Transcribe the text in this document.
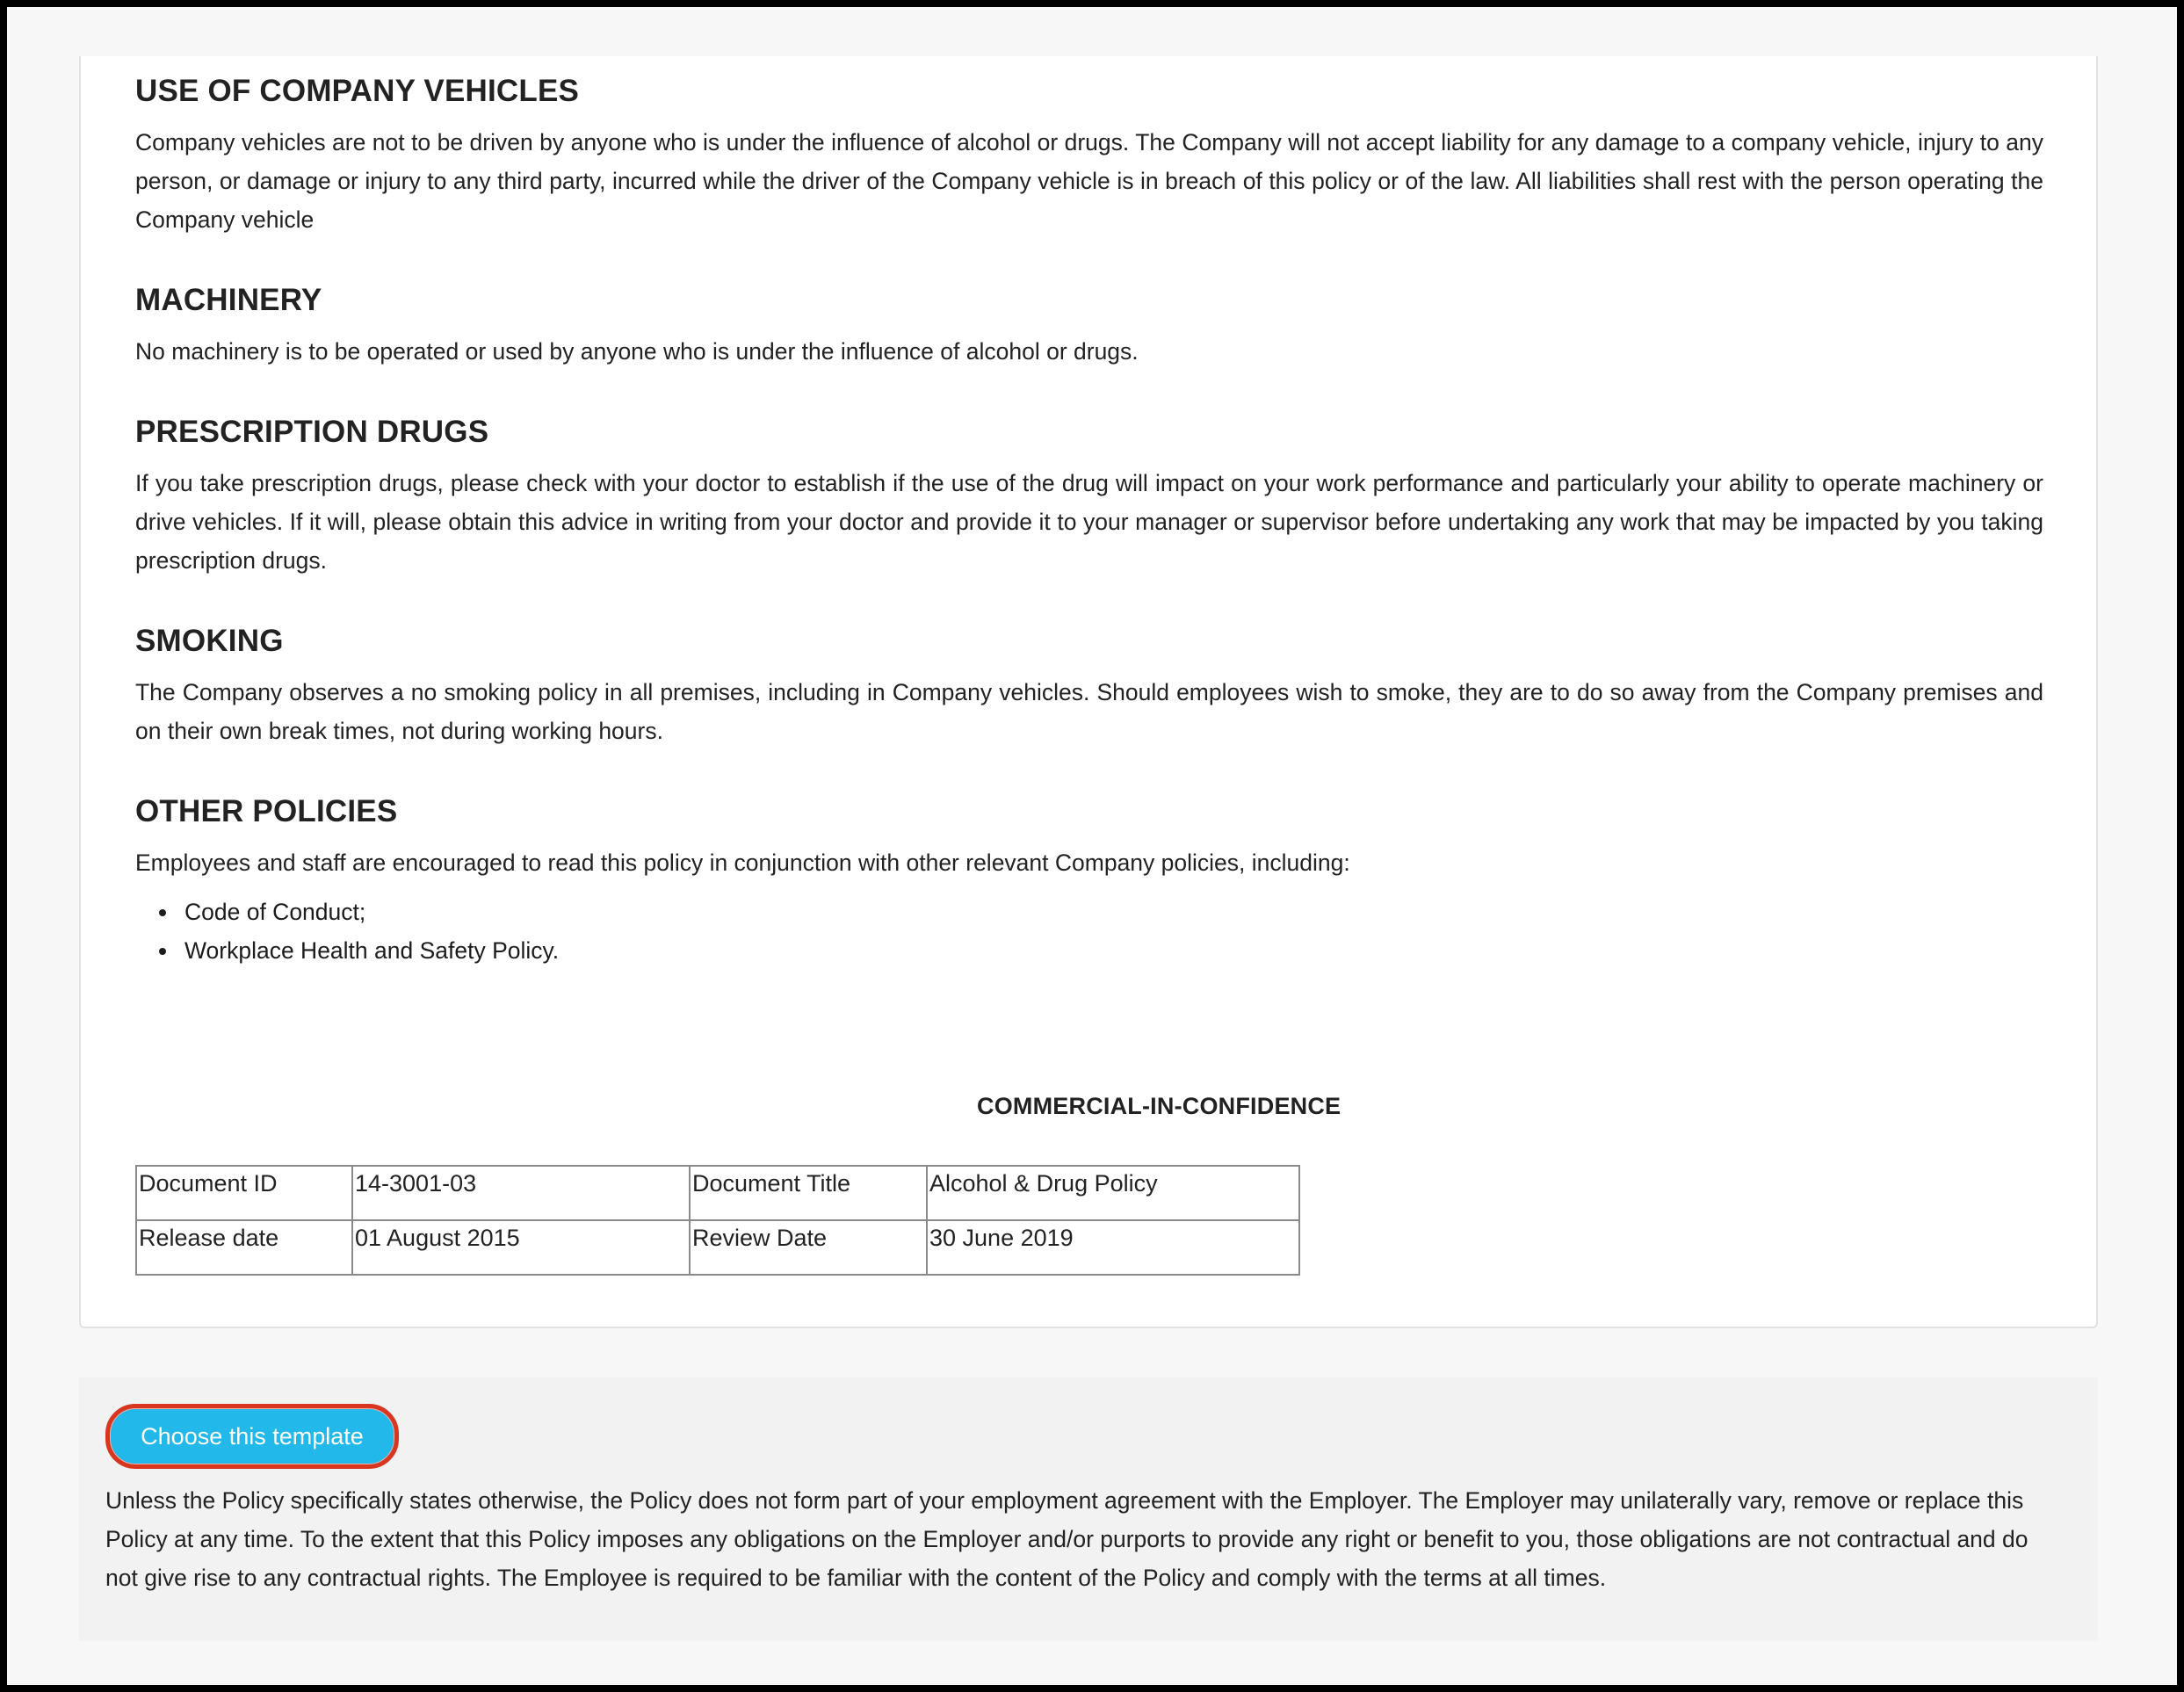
USE OF COMPANY VEHICLES

Company vehicles are not to be driven by anyone who is under the influence of alcohol or drugs. The Company will not accept liability for any damage to a company vehicle, injury to any person, or damage or injury to any third party, incurred while the driver of the Company vehicle is in breach of this policy or of the law. All liabilities shall rest with the person operating the Company vehicle

MACHINERY

No machinery is to be operated or used by anyone who is under the influence of alcohol or drugs.

PRESCRIPTION DRUGS

If you take prescription drugs, please check with your doctor to establish if the use of the drug will impact on your work performance and particularly your ability to operate machinery or drive vehicles. If it will, please obtain this advice in writing from your doctor and provide it to your manager or supervisor before undertaking any work that may be impacted by you taking prescription drugs.

SMOKING

The Company observes a no smoking policy in all premises, including in Company vehicles. Should employees wish to smoke, they are to do so away from the Company premises and on their own break times, not during working hours.

OTHER POLICIES

Employees and staff are encouraged to read this policy in conjunction with other relevant Company policies, including:

• Code of Conduct;
• Workplace Health and Safety Policy.
COMMERCIAL-IN-CONFIDENCE
Document ID	14-3001-03	Document Title	Alcohol & Drug Policy
Release date	01 August 2015	Review Date	30 June 2019
Choose this template

Unless the Policy specifically states otherwise, the Policy does not form part of your employment agreement with the Employer. The Employer may unilaterally vary, remove or replace this Policy at any time. To the extent that this Policy imposes any obligations on the Employer and/or purports to provide any right or benefit to you, those obligations are not contractual and do not give rise to any contractual rights. The Employee is required to be familiar with the content of the Policy and comply with the terms at all times.
